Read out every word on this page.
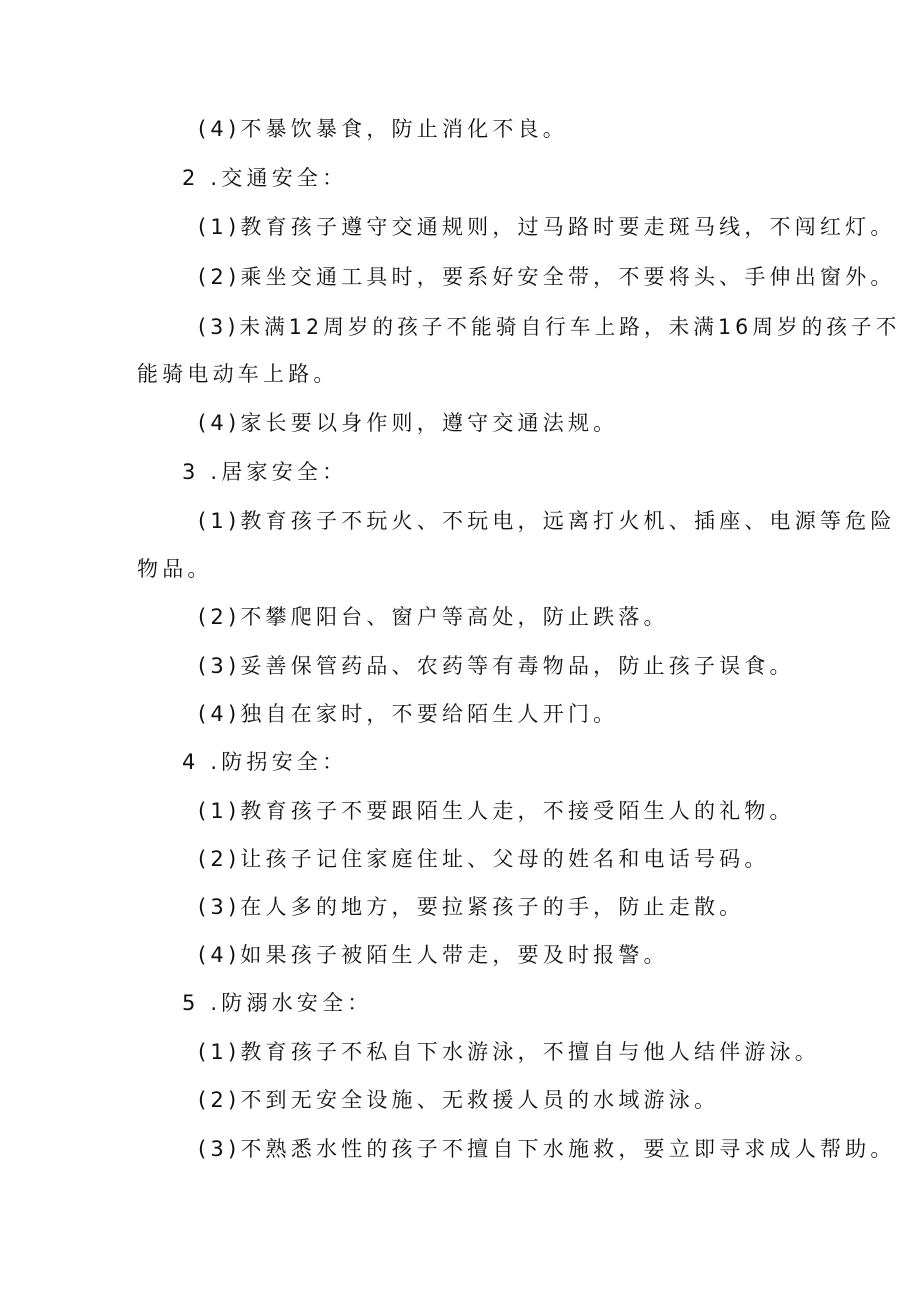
(4)不暴饮暴食，防止消化不良。
2 .交通安全：
(1)教育孩子遵守交通规则，过马路时要走斑马线，不闯红灯。
(2)乘坐交通工具时，要系好安全带，不要将头、手伸出窗外。
(3)未满12周岁的孩子不能骑自行车上路，未满16周岁的孩子不
能骑电动车上路。
(4)家长要以身作则，遵守交通法规。
3 .居家安全：
(1)教育孩子不玩火、不玩电，远离打火机、插座、电源等危险
物品。
(2)不攀爬阳台、窗户等高处，防止跌落。
(3)妥善保管药品、农药等有毒物品，防止孩子误食。
(4)独自在家时，不要给陌生人开门。
4 .防拐安全：
(1)教育孩子不要跟陌生人走，不接受陌生人的礼物。
(2)让孩子记住家庭住址、父母的姓名和电话号码。
(3)在人多的地方，要拉紧孩子的手，防止走散。
(4)如果孩子被陌生人带走，要及时报警。
5 .防溺水安全：
(1)教育孩子不私自下水游泳，不擅自与他人结伴游泳。
(2)不到无安全设施、无救援人员的水域游泳。
(3)不熟悉水性的孩子不擅自下水施救，要立即寻求成人帮助。
